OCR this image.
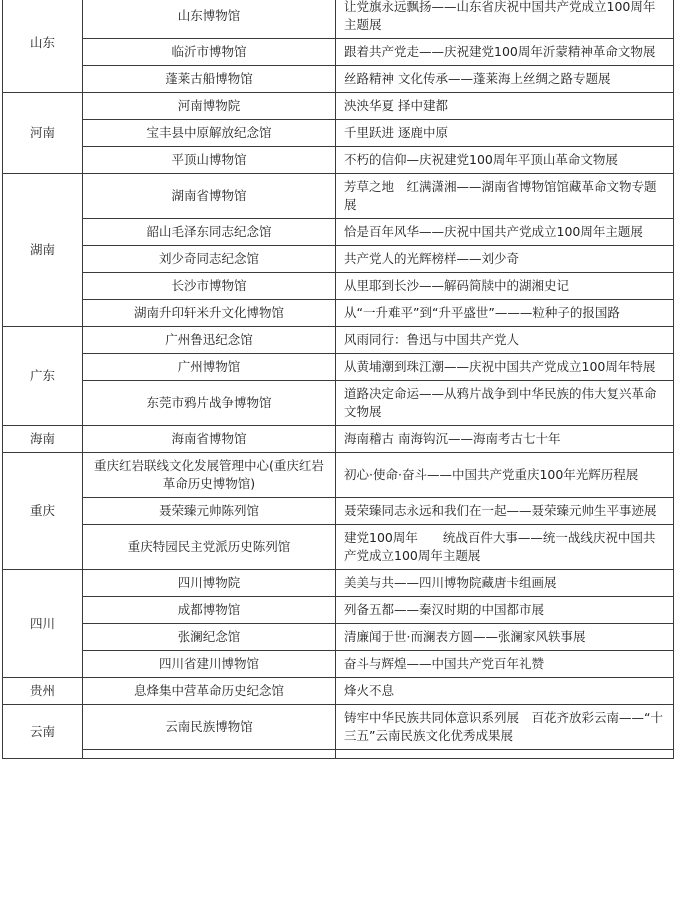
山东	山东博物馆	让党旗永远飘扬——山东省庆祝中国共产党成立100周年主题展
	临沂市博物馆	跟着共产党走——庆祝建党100周年沂蒙精神革命文物展
	蓬莱古船博物馆	丝路精神 文化传承——蓬莱海上丝绸之路专题展
河南	河南博物院	泱泱华夏 择中建都
	宝丰县中原解放纪念馆	千里跃进 逐鹿中原
	平顶山博物馆	不朽的信仰—庆祝建党100周年平顶山革命文物展
湖南	湖南省博物馆	芳草之地　红满潇湘——湖南省博物馆馆藏革命文物专题展
	韶山毛泽东同志纪念馆	恰是百年风华——庆祝中国共产党成立100周年主题展
	刘少奇同志纪念馆	共产党人的光辉榜样——刘少奇
	长沙市博物馆	从里耶到长沙——解码简牍中的湖湘史记
	湖南升印轩米升文化博物馆	从“一升难平”到“升平盛世”———粒种子的报国路
广东	广州鲁迅纪念馆	风雨同行：鲁迅与中国共产党人
	广州博物馆	从黄埔潮到珠江潮——庆祝中国共产党成立100周年特展
	东莞市鸦片战争博物馆	道路决定命运——从鸦片战争到中华民族的伟大复兴革命文物展
海南	海南省博物馆	海南稽古 南海钩沉——海南考古七十年
重庆	重庆红岩联线文化发展管理中心(重庆红岩革命历史博物馆)	初心·使命·奋斗——中国共产党重庆100年光辉历程展
	聂荣臻元帅陈列馆	聂荣臻同志永远和我们在一起——聂荣臻元帅生平事迹展
	重庆特园民主党派历史陈列馆	建党100周年　　统战百件大事——统一战线庆祝中国共产党成立100周年主题展
四川	四川博物院	美美与共——四川博物院藏唐卡组画展
	成都博物馆	列备五都——秦汉时期的中国都市展
	张澜纪念馆	清廉闻于世·而澜表方圆——张澜家风轶事展
	四川省建川博物馆	奋斗与辉煌——中国共产党百年礼赞
贵州	息烽集中营革命历史纪念馆	烽火不息
云南	云南民族博物馆	铸牢中华民族共同体意识系列展　百花齐放彩云南——“十三五”云南民族文化优秀成果展
